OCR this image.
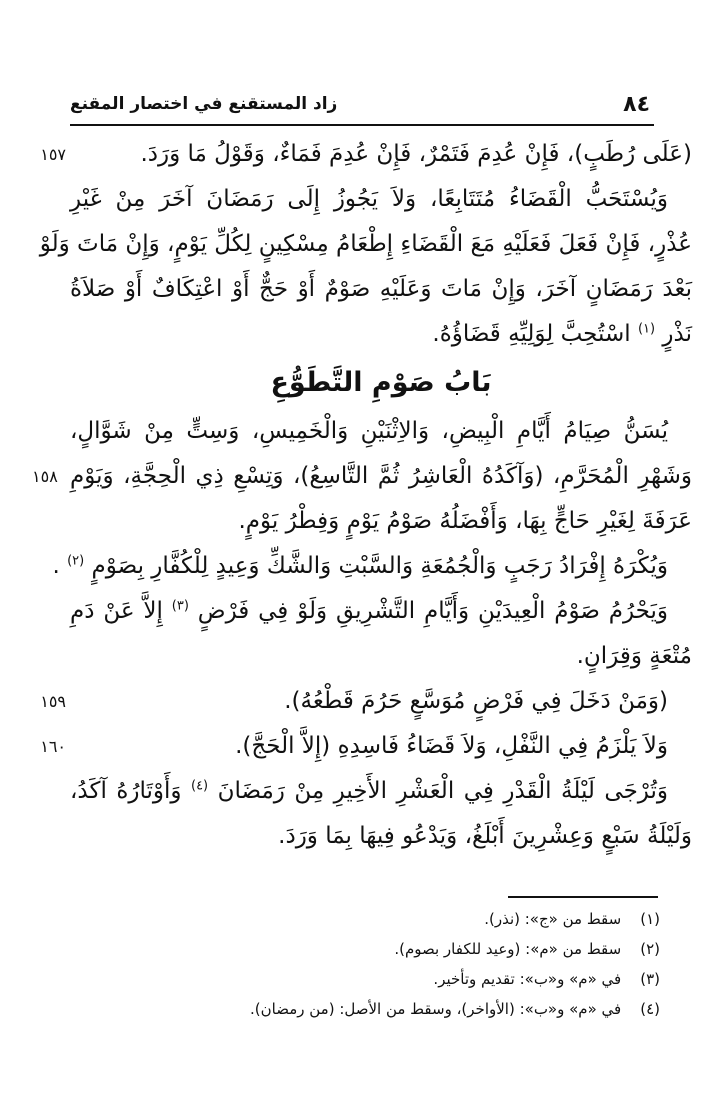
٨٤
زاد المستقنع في اختصار المقنع
(عَلَى رُطَبٍ)، فَإِنْ عُدِمَ فَتَمْرٌ، فَإِنْ عُدِمَ فَمَاءٌ، وَقَوْلُ مَا وَرَدَ.
١٥٧
وَيُسْتَحَبُّ الْقَضَاءُ مُتَتَابِعًا، وَلاَ يَجُوزُ إِلَى رَمَضَانَ آخَرَ مِنْ غَيْرِ
عُذْرٍ، فَإِنْ فَعَلَ فَعَلَيْهِ مَعَ الْقَضَاءِ إِطْعَامُ مِسْكِينٍ لِكُلِّ يَوْمٍ، وَإِنْ مَاتَ وَلَوْ
بَعْدَ رَمَضَانٍ آخَرَ، وَإِنْ مَاتَ وَعَلَيْهِ صَوْمٌ أَوْ حَجٌّ أَوْ اعْتِكَافٌ أَوْ صَلاَةُ
نَذْرٍ $^{(١)}$ اسْتُحِبَّ لِوَلِيِّهِ قَضَاؤُهُ.
بَابُ صَوْمِ التَّطَوُّعِ
يُسَنُّ صِيَامُ أَيَّامِ الْبِيضِ، وَالاِثْنَيْنِ وَالْخَمِيسِ، وَسِتٍّ مِنْ شَوَّالٍ،
وَشَهْرِ الْمُحَرَّمِ، (وَآكَدُهُ الْعَاشِرُ ثُمَّ التَّاسِعُ)، وَتِسْعِ ذِي الْحِجَّةِ، وَيَوْمِ
١٥٨
عَرَفَةَ لِغَيْرِ حَاجٍّ بِهَا، وَأَفْضَلُهُ صَوْمُ يَوْمٍ وَفِطْرُ يَوْمٍ.
وَيُكْرَهُ إِفْرَادُ رَجَبٍ وَالْجُمُعَةِ وَالسَّبْتِ وَالشَّكِّ وَعِيدٍ لِلْكُفَّارِ بِصَوْمٍ $^{(٢)}$ .
وَيَحْرُمُ صَوْمُ الْعِيدَيْنِ وَأَيَّامِ التَّشْرِيقِ وَلَوْ فِي فَرْضٍ $^{(٣)}$ إِلاَّ عَنْ دَمِ
مُتْعَةٍ وَقِرَانٍ.
(وَمَنْ دَخَلَ فِي فَرْضٍ مُوَسَّعٍ حَرُمَ قَطْعُهُ).
١٥٩
وَلاَ يَلْزَمُ فِي النَّفْلِ، وَلاَ قَضَاءُ فَاسِدِهِ (إِلاَّ الْحَجَّ).
١٦٠
وَتُرْجَى لَيْلَةُ الْقَدْرِ فِي الْعَشْرِ الأَخِيرِ مِنْ رَمَضَانَ $^{(٤)}$ وَأَوْتَارُهُ آكَدُ،
وَلَيْلَةُ سَبْعٍ وَعِشْرِينَ أَبْلَغُ، وَيَدْعُو فِيهَا بِمَا وَرَدَ.
(١) سقط من «ج»: (نذر).
(٢) سقط من «م»: (وعيد للكفار بصوم).
(٣) في «م» و«ب»: تقديم وتأخير.
(٤) في «م» و«ب»: (الأواخر)، وسقط من الأصل: (من رمضان).
